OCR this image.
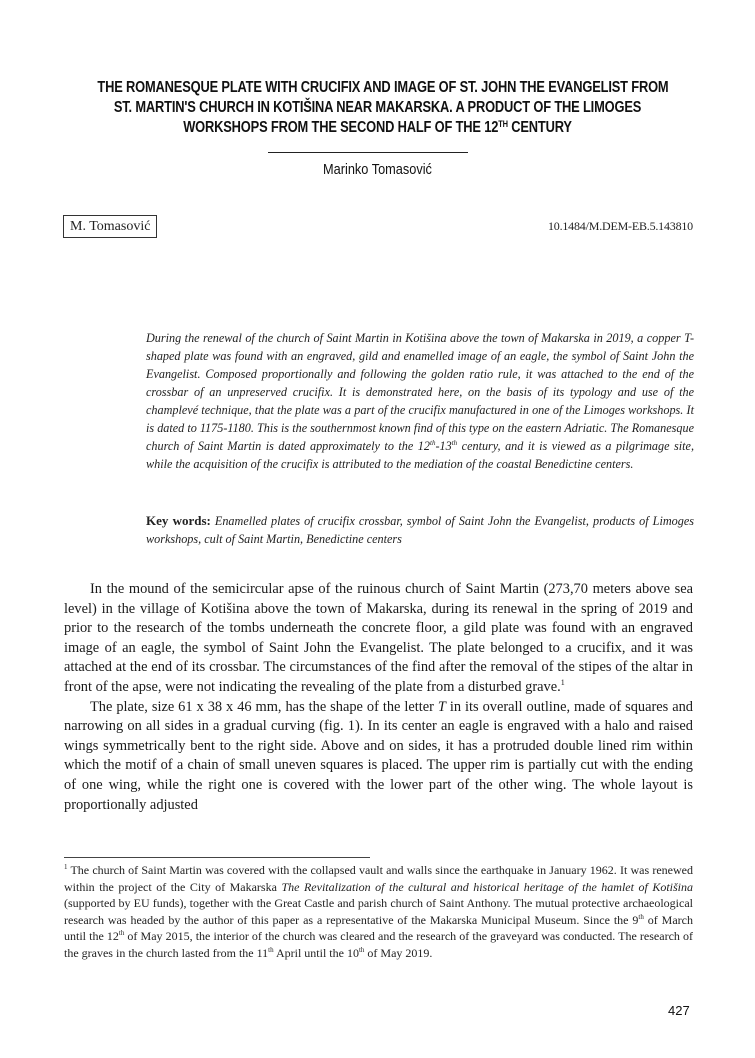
THE ROMANESQUE PLATE WITH CRUCIFIX AND IMAGE OF ST. JOHN THE EVANGELIST FROM
ST. MARTIN'S CHURCH IN KOTIŠINA NEAR MAKARSKA. A PRODUCT OF THE LIMOGES
WORKSHOPS FROM THE SECOND HALF OF THE 12TH CENTURY
Marinko Tomasović
M. Tomasović	10.1484/M.DEM-EB.5.143810
During the renewal of the church of Saint Martin in Kotišina above the town of Makarska in 2019, a copper T-shaped plate was found with an engraved, gild and enamelled image of an eagle, the symbol of Saint John the Evangelist. Composed proportionally and following the golden ratio rule, it was attached to the end of the crossbar of an unpreserved crucifix. It is demonstrated here, on the basis of its typology and use of the champlevé technique, that the plate was a part of the crucifix manufactured in one of the Limoges workshops. It is dated to 1175-1180. This is the southernmost known find of this type on the eastern Adriatic. The Romanesque church of Saint Martin is dated approximately to the 12th-13th century, and it is viewed as a pilgrimage site, while the acquisition of the crucifix is attributed to the mediation of the coastal Benedictine centers.
Key words: Enamelled plates of crucifix crossbar, symbol of Saint John the Evangelist, products of Limoges workshops, cult of Saint Martin, Benedictine centers

In the mound of the semicircular apse of the ruinous church of Saint Martin (273,70 meters above sea level) in the village of Kotišina above the town of Makarska, during its renewal in the spring of 2019 and prior to the research of the tombs underneath the concrete floor, a gild plate was found with an engraved image of an eagle, the symbol of Saint John the Evangelist. The plate belonged to a crucifix, and it was attached at the end of its crossbar. The circumstances of the find after the removal of the stipes of the altar in front of the apse, were not indicating the revealing of the plate from a disturbed grave.$^1$

The plate, size 61 x 38 x 46 mm, has the shape of the letter T in its overall outline, made of squares and narrowing on all sides in a gradual curving (fig. 1). In its center an eagle is engraved with a halo and raised wings symmetrically bent to the right side. Above and on sides, it has a protruded double lined rim within which the motif of a chain of small uneven squares is placed. The upper rim is partially cut with the ending of one wing, while the right one is covered with the lower part of the other wing. The whole layout is proportionally adjusted

$^1$ The church of Saint Martin was covered with the collapsed vault and walls since the earthquake in January 1962. It was renewed within the project of the City of Makarska The Revitalization of the cultural and historical heritage of the hamlet of Kotišina (supported by EU funds), together with the Great Castle and parish church of Saint Anthony. The mutual protective archaeological research was headed by the author of this paper as a representative of the Makarska Municipal Museum. Since the 9th of March until the 12th of May 2015, the interior of the church was cleared and the research of the graveyard was conducted. The research of the graves in the church lasted from the 11th April until the 10th of May 2019.
427
